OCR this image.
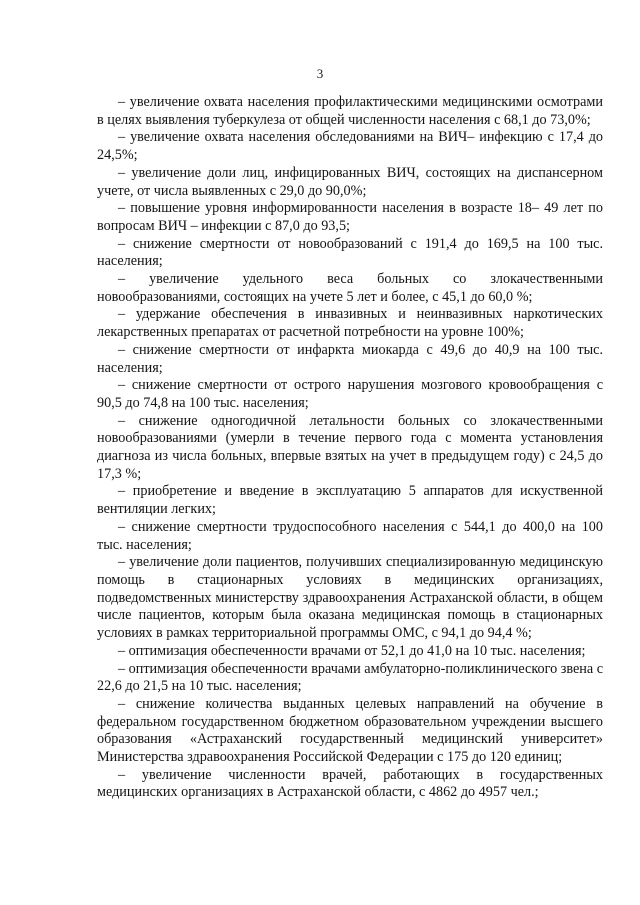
3

– увеличение охвата населения профилактическими медицинскими осмотрами в целях выявления туберкулеза от общей численности населения с 68,1 до 73,0%;

– увеличение охвата населения обследованиями на ВИЧ– инфекцию с 17,4 до 24,5%;

– увеличение доли лиц, инфицированных ВИЧ, состоящих на диспансерном учете, от числа выявленных с 29,0 до 90,0%;

– повышение уровня информированности населения в возрасте 18– 49 лет по вопросам ВИЧ – инфекции с 87,0 до 93,5;

– снижение смертности от новообразований с 191,4 до 169,5 на 100 тыс. населения;

– увеличение удельного веса больных со злокачественными новообразованиями, состоящих на учете 5 лет и более, с 45,1 до 60,0 %;

– удержание обеспечения в инвазивных и неинвазивных наркотических лекарственных препаратах от расчетной потребности на уровне 100%;

– снижение смертности от инфаркта миокарда с 49,6 до 40,9 на 100 тыс. населения;

– снижение смертности от острого нарушения мозгового кровообращения с 90,5 до 74,8 на 100 тыс. населения;

– снижение одногодичной летальности больных со злокачественными новообразованиями (умерли в течение первого года с момента установления диагноза из числа больных, впервые взятых на учет в предыдущем году) с 24,5 до 17,3 %;

– приобретение и введение в эксплуатацию 5 аппаратов для искуственной вентиляции легких;

– снижение смертности трудоспособного населения с 544,1 до 400,0 на 100 тыс. населения;

– увеличение доли пациентов, получивших специализированную медицинскую помощь в стационарных условиях в медицинских организациях, подведомственных министерству здравоохранения Астраханской области, в общем числе пациентов, которым была оказана медицинская помощь в стационарных условиях в рамках территориальной программы ОМС, с 94,1 до 94,4 %;

– оптимизация обеспеченности врачами от 52,1 до 41,0 на 10 тыс. населения;

– оптимизация обеспеченности врачами амбулаторно-поликлинического звена с 22,6 до 21,5 на 10 тыс. населения;

– снижение количества выданных целевых направлений на обучение в федеральном государственном бюджетном образовательном учреждении высшего образования «Астраханский государственный медицинский университет» Министерства здравоохранения Российской Федерации с 175 до 120 единиц;

– увеличение численности врачей, работающих в государственных медицинских организациях в Астраханской области, с 4862 до 4957 чел.;
